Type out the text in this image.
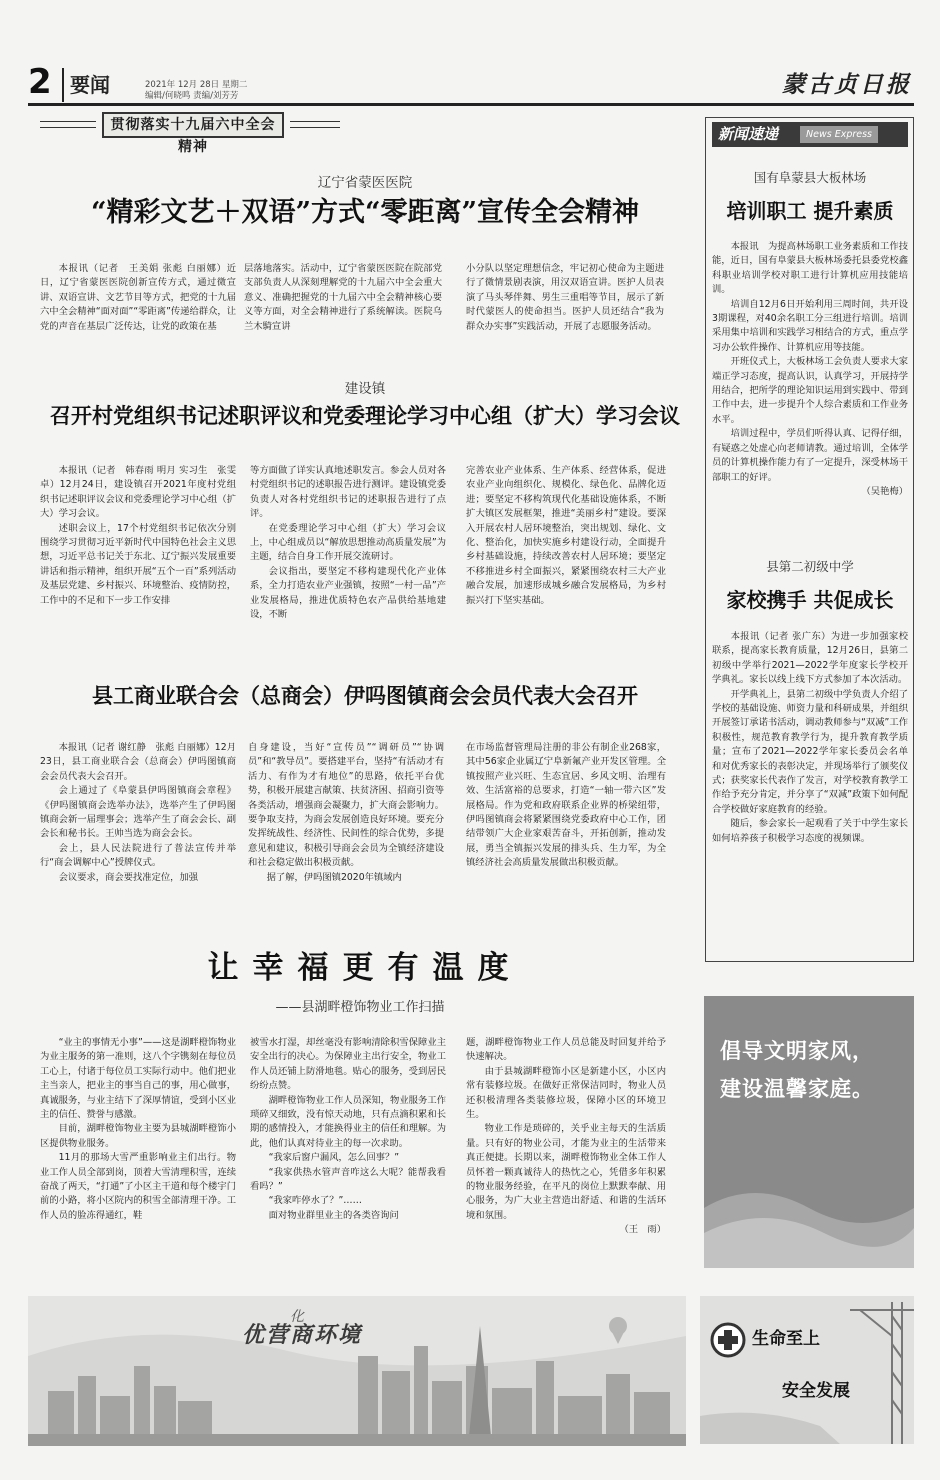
2 要闻	2021年 12月 28日 星期二
编辑/何晓鸣 责编/刘芳芳	蒙古贞日报
贯彻落实十九届六中全会精神
辽宁省蒙医医院
“精彩文艺＋双语”方式“零距离”宣传全会精神

本报讯（记者　王美娟 张彪 白丽娜）近日，辽宁省蒙医医院创新宣传方式，通过微宣讲、双语宣讲、文艺节目等方式，把党的十九届六中全会精神“面对面”“零距离”传递给群众，让党的声音在基层广泛传达，让党的政策在基

层落地落实。活动中，辽宁省蒙医医院在院部党支部负责人从深刻理解党的十九届六中全会重大意义、准确把握党的十九届六中全会精神核心要义等方面，对全会精神进行了系统解读。医院乌兰木騎宣讲

小分队以坚定理想信念，牢记初心使命为主题进行了微情景剧表演，用汉双语宣讲。医护人员表演了马头琴伴舞、男生三重唱等节目，展示了新时代蒙医人的使命担当。医护人员还结合“我为群众办实事”实践活动，开展了志愿服务活动。

建设镇
召开村党组织书记述职评议和党委理论学习中心组（扩大）学习会议

本报讯（记者　韩春雨 明月 实习生　张雯卓）12月24日，建设镇召开2021年度村党组织书记述职评议会议和党委理论学习中心组（扩大）学习会议。

述职会议上，17个村党组织书记依次分别围绕学习贯彻习近平新时代中国特色社会主义思想，习近平总书记关于东北、辽宁振兴发展重要讲话和指示精神，组织开展“五个一百”系列活动及基层党建、乡村振兴、环境整治、疫情防控，工作中的不足和下一步工作安排

等方面做了详实认真地述职发言。参会人员对各村党组织书记的述职报告进行测评。建设镇党委负责人对各村党组织书记的述职报告进行了点评。

在党委理论学习中心组（扩大）学习会议上，中心组成员以“解放思想推动高质量发展”为主题，结合自身工作开展交流研讨。

会议指出，要坚定不移构建现代化产业体系，全力打造农业产业强镇，按照“一村一品”产业发展格局，推进优质特色农产品供给基地建设，不断

完善农业产业体系、生产体系、经营体系，促进农业产业向组织化、规模化、绿色化、品牌化迈进；要坚定不移构筑现代化基础设施体系，不断扩大镇区发展框架，推进“美丽乡村”建设。要深入开展农村人居环境整治，突出规划、绿化、文化、整治化，加快实施乡村建设行动，全面提升乡村基础设施，持续改善农村人居环境；要坚定不移推进乡村全面振兴，紧紧围绕农村三大产业融合发展，加速形成城乡融合发展格局，为乡村振兴打下坚实基础。

县工商业联合会（总商会）伊吗图镇商会会员代表大会召开

本报讯（记者 谢红静　张彪 白丽娜）12月23日，县工商业联合会（总商会）伊吗图镇商会会员代表大会召开。

会上通过了《阜蒙县伊吗图镇商会章程》《伊吗图镇商会选举办法》，选举产生了伊吗图镇商会新一届理事会；选举产生了商会会长、副会长和秘书长。王帅当选为商会会长。

会上，县人民法院进行了普法宣传并举行“商会调解中心”授牌仪式。

会议要求，商会要找准定位，加强

自身建设，当好“宣传员”“调研员”“协调员”和“教导员”。要搭建平台，坚持“有活动才有活力、有作为才有地位”的思路，依托平台优势，积极开展建言献策、扶贫济困、招商引资等各类活动，增强商会凝聚力，扩大商会影响力。要争取支持，为商会发展创造良好环境。要充分发挥统战性、经济性、民间性的综合优势，多提意见和建议，积极引导商会会员为全镇经济建设和社会稳定做出积极贡献。

据了解，伊吗图镇2020年镇域内

在市场监督管理局注册的非公有制企业268家，其中56家企业属辽宁阜新氟产业开发区管理。全镇按照产业兴旺、生态宜居、乡风文明、治理有效、生活富裕的总要求，打造“一轴一带六区”发展格局。作为党和政府联系企业界的桥梁纽带，伊吗图镇商会将紧紧围绕党委政府中心工作，团结带领广大企业家艰苦奋斗，开拓创新，推动发展，勇当全镇振兴发展的排头兵、生力军，为全镇经济社会高质量发展做出积极贡献。

让幸福更有温度
——县湖畔橙饰物业工作扫描

“业主的事情无小事”——这是湖畔橙饰物业为业主服务的第一准则，这八个字镌刻在每位员工心上，付诸于每位员工实际行动中。他们把业主当亲人，把业主的事当自己的事，用心做事，真诚服务，与业主结下了深厚情谊，受到小区业主的信任、赞誉与感激。

目前，湖畔橙饰物业主要为县城湖畔橙饰小区提供物业服务。

11月的那场大雪严重影响业主们出行。物业工作人员全部到岗，顶着大雪清理积雪，连续奋战了两天，“打通”了小区主干道和每个楼宇门前的小路，将小区院内的积雪全部清理干净。工作人员的脸冻得通红，鞋

被雪水打湿，却丝毫没有影响清除积雪保障业主安全出行的决心。为保障业主出行安全，物业工作人员还铺上防滑地毯。贴心的服务，受到居民纷纷点赞。

湖畔橙饰物业工作人员深知，物业服务工作琐碎又细致，没有惊天动地，只有点滴积累和长期的感情投入，才能换得业主的信任和理解。为此，他们认真对待业主的每一次求助。

“我家后窗户漏风，怎么回事？”

“我家供热水管声音咋这么大呢？能帮我看看吗？”

“我家咋停水了？”……

面对物业群里业主的各类咨询问

题，湖畔橙饰物业工作人员总能及时回复并给予快速解决。

由于县城湖畔橙饰小区是新建小区，小区内常有装修垃圾。在做好正常保洁同时，物业人员还积极清理各类装修垃圾，保障小区的环境卫生。

物业工作是琐碎的，关乎业主每天的生活质量。只有好的物业公司，才能为业主的生活带来真正便捷。长期以来，湖畔橙饰物业全体工作人员怀着一颗真诚待人的热忱之心，凭借多年积累的物业服务经验，在平凡的岗位上默默奉献、用心服务，为广大业主营造出舒适、和谐的生活环境和氛围。

（王　雨）

新闻速递	News Express
国有阜蒙县大板林场
培训职工 提升素质

本报讯　为提高林场职工业务素质和工作技能，近日，国有阜蒙县大板林场委托县委党校鑫科职业培训学校对职工进行计算机应用技能培训。

培训自12月6日开始利用三周时间，共开设3期课程，对40余名职工分三组进行培训。培训采用集中培训和实践学习相结合的方式，重点学习办公软件操作、计算机应用等技能。

开班仪式上，大板林场工会负责人要求大家端正学习态度，提高认识，认真学习，开展持学用结合，把所学的理论知识运用到实践中、带到工作中去，进一步提升个人综合素质和工作业务水平。

培训过程中，学员们听得认真、记得仔细，有疑惑之处虚心向老师请教。通过培训，全体学员的计算机操作能力有了一定提升，深受林场干部职工的好评。

（吴艳梅）

县第二初级中学
家校携手 共促成长

本报讯（记者 张广东）为进一步加强家校联系，提高家长教育质量，12月26日，县第二初级中学举行2021—2022学年度家长学校开学典礼。家长以线上线下方式参加了本次活动。

开学典礼上，县第二初级中学负责人介绍了学校的基础设施、师资力量和科研成果，并组织开展签订承诺书活动，调动教师参与“双减”工作积极性，规范教育教学行为，提升教育教学质量；宣布了2021—2022学年家长委员会名单和对优秀家长的表彰决定，并现场举行了颁奖仪式；获奖家长代表作了发言，对学校教育教学工作给予充分肯定，并分享了“双减”政策下如何配合学校做好家庭教育的经验。

随后，参会家长一起观看了关于中学生家长如何培养孩子积极学习态度的视频课。

倡导文明家风，
建设温馨家庭。
化
优营商环境	生命至上
安全发展
